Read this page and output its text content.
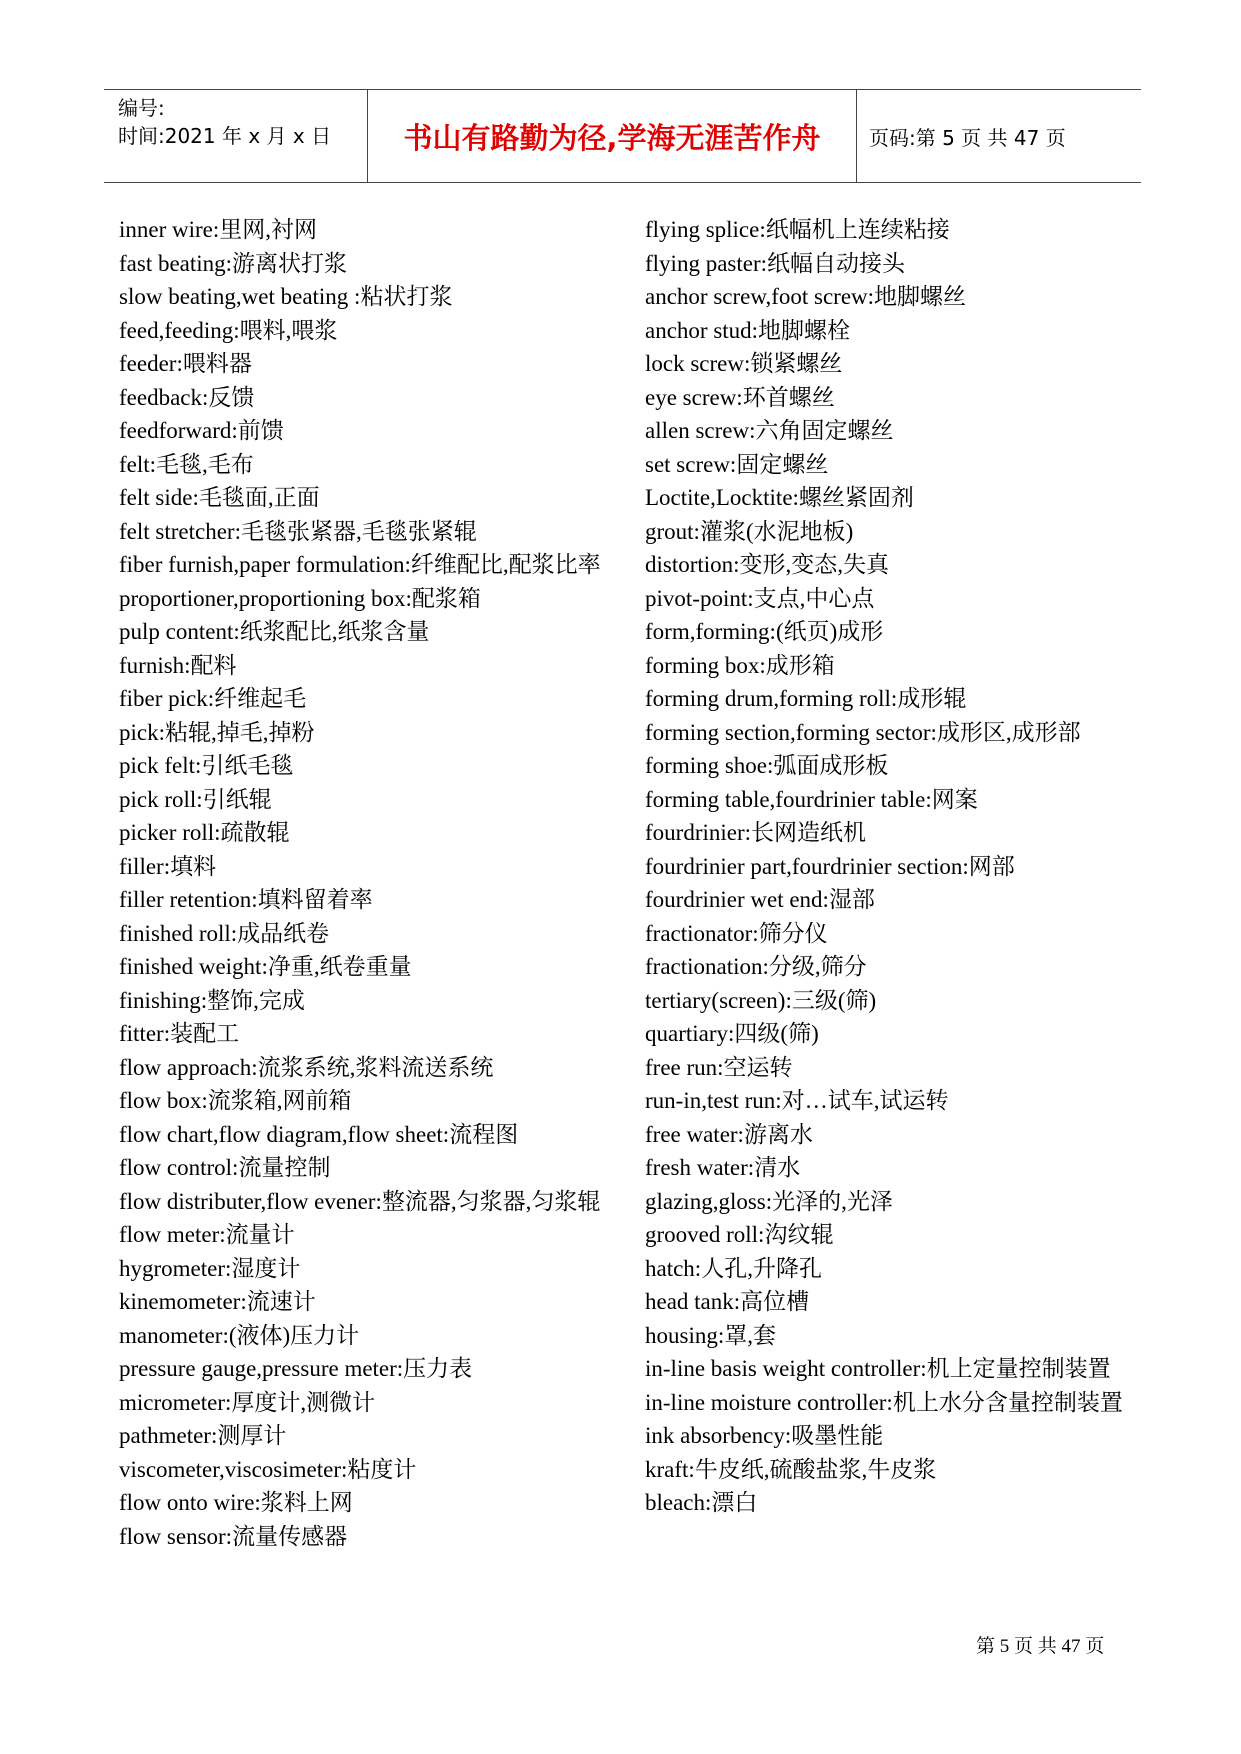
编号:
时间:2021 年 x 月 x 日	书山有路勤为径,学海无涯苦作舟	页码:第 5 页 共 47 页

inner wire:里网,衬网

fast beating:游离状打浆

slow beating,wet beating :粘状打浆

feed,feeding:喂料,喂浆

feeder:喂料器

feedback:反馈

feedforward:前馈

felt:毛毯,毛布

felt side:毛毯面,正面

felt stretcher:毛毯张紧器,毛毯张紧辊

fiber furnish,paper formulation:纤维配比,配浆比率

proportioner,proportioning box:配浆箱

pulp content:纸浆配比,纸浆含量

furnish:配料

fiber pick:纤维起毛

pick:粘辊,掉毛,掉粉

pick felt:引纸毛毯

pick roll:引纸辊

picker roll:疏散辊

filler:填料

filler retention:填料留着率

finished roll:成品纸卷

finished weight:净重,纸卷重量

finishing:整饰,完成

fitter:装配工

flow approach:流浆系统,浆料流送系统

flow box:流浆箱,网前箱

flow chart,flow diagram,flow sheet:流程图

flow control:流量控制

flow distributer,flow evener:整流器,匀浆器,匀浆辊

flow meter:流量计

hygrometer:湿度计

kinemometer:流速计

manometer:(液体)压力计

pressure gauge,pressure meter:压力表

micrometer:厚度计,测微计

pathmeter:测厚计

viscometer,viscosimeter:粘度计

flow onto wire:浆料上网

flow sensor:流量传感器

flying splice:纸幅机上连续粘接

flying paster:纸幅自动接头

anchor screw,foot screw:地脚螺丝

anchor stud:地脚螺栓

lock screw:锁紧螺丝

eye screw:环首螺丝

allen screw:六角固定螺丝

set screw:固定螺丝

Loctite,Locktite:螺丝紧固剂

grout:灌浆(水泥地板)

distortion:变形,变态,失真

pivot-point:支点,中心点

form,forming:(纸页)成形

forming box:成形箱

forming drum,forming roll:成形辊

forming section,forming sector:成形区,成形部

forming shoe:弧面成形板

forming table,fourdrinier table:网案

fourdrinier:长网造纸机

fourdrinier part,fourdrinier section:网部

fourdrinier wet end:湿部

fractionator:筛分仪

fractionation:分级,筛分

tertiary(screen):三级(筛)

quartiary:四级(筛)

free run:空运转

run-in,test run:对…试车,试运转

free water:游离水

fresh water:清水

glazing,gloss:光泽的,光泽

grooved roll:沟纹辊

hatch:人孔,升降孔

head tank:高位槽

housing:罩,套

in-line basis weight controller:机上定量控制装置

in-line moisture controller:机上水分含量控制装置

ink absorbency:吸墨性能

kraft:牛皮纸,硫酸盐浆,牛皮浆

bleach:漂白

第 5 页 共 47 页
